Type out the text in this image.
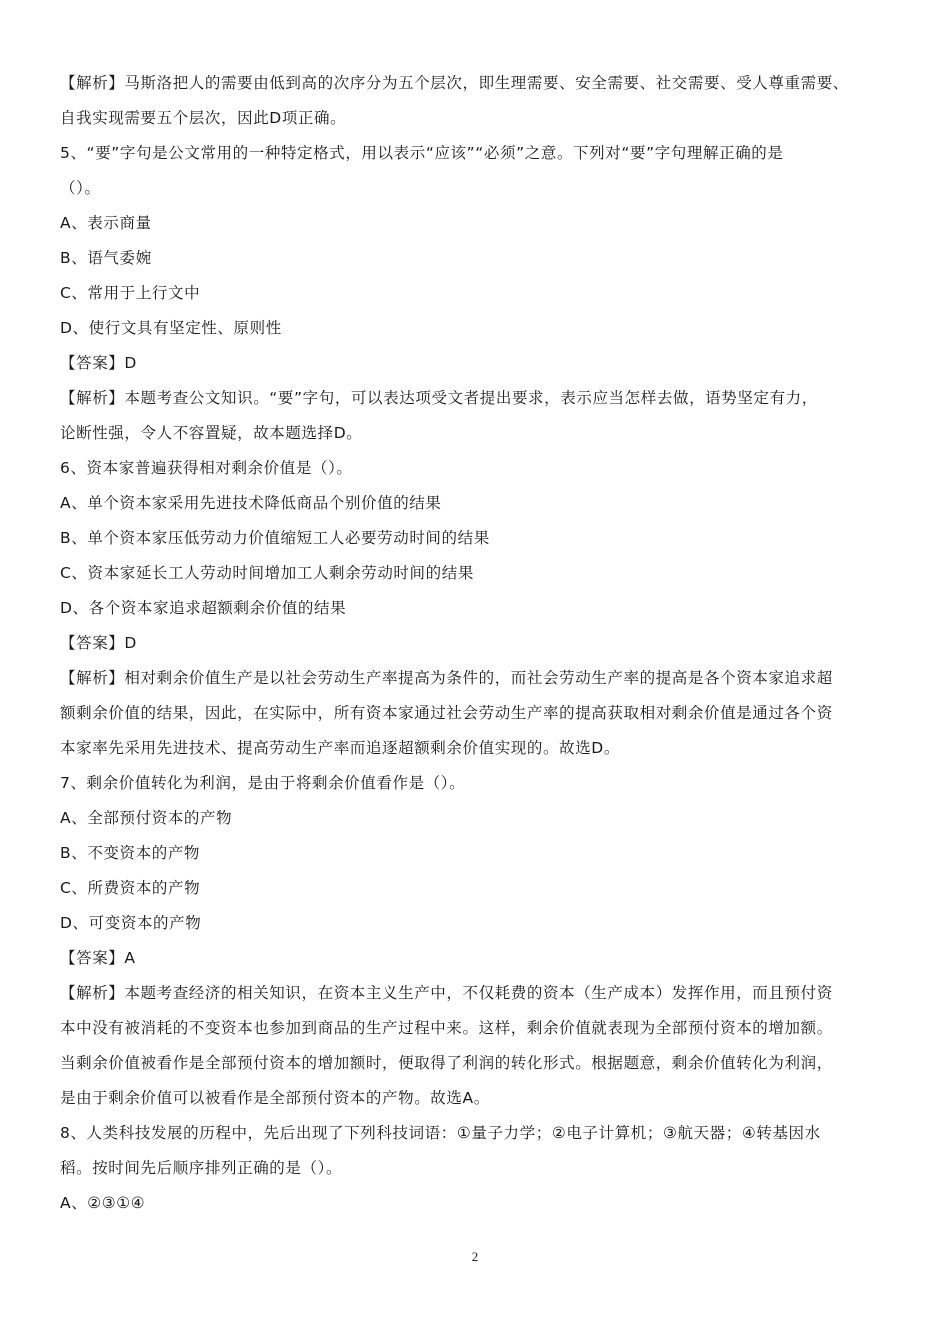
【解析】马斯洛把人的需要由低到高的次序分为五个层次，即生理需要、安全需要、社交需要、受人尊重需要、
自我实现需要五个层次，因此D项正确。
5、“要”字句是公文常用的一种特定格式，用以表示“应该”“必须”之意。下列对“要”字句理解正确的是
（）。
A、表示商量
B、语气委婉
C、常用于上行文中
D、使行文具有坚定性、原则性
【答案】D
【解析】本题考查公文知识。“要”字句，可以表达项受文者提出要求，表示应当怎样去做，语势坚定有力，
论断性强，令人不容置疑，故本题选择D。
6、资本家普遍获得相对剩余价值是（）。
A、单个资本家采用先进技术降低商品个别价值的结果
B、单个资本家压低劳动力价值缩短工人必要劳动时间的结果
C、资本家延长工人劳动时间增加工人剩余劳动时间的结果
D、各个资本家追求超额剩余价值的结果
【答案】D
【解析】相对剩余价值生产是以社会劳动生产率提高为条件的，而社会劳动生产率的提高是各个资本家追求超
额剩余价值的结果，因此，在实际中，所有资本家通过社会劳动生产率的提高获取相对剩余价值是通过各个资
本家率先采用先进技术、提高劳动生产率而追逐超额剩余价值实现的。故选D。
7、剩余价值转化为利润，是由于将剩余价值看作是（）。
A、全部预付资本的产物
B、不变资本的产物
C、所费资本的产物
D、可变资本的产物
【答案】A
【解析】本题考查经济的相关知识，在资本主义生产中，不仅耗费的资本（生产成本）发挥作用，而且预付资
本中没有被消耗的不变资本也参加到商品的生产过程中来。这样，剩余价值就表现为全部预付资本的增加额。
当剩余价值被看作是全部预付资本的增加额时，便取得了利润的转化形式。根据题意，剩余价值转化为利润，
是由于剩余价值可以被看作是全部预付资本的产物。故选A。
8、人类科技发展的历程中，先后出现了下列科技词语：①量子力学；②电子计算机；③航天器；④转基因水
稻。按时间先后顺序排列正确的是（）。
A、②③①④
2
